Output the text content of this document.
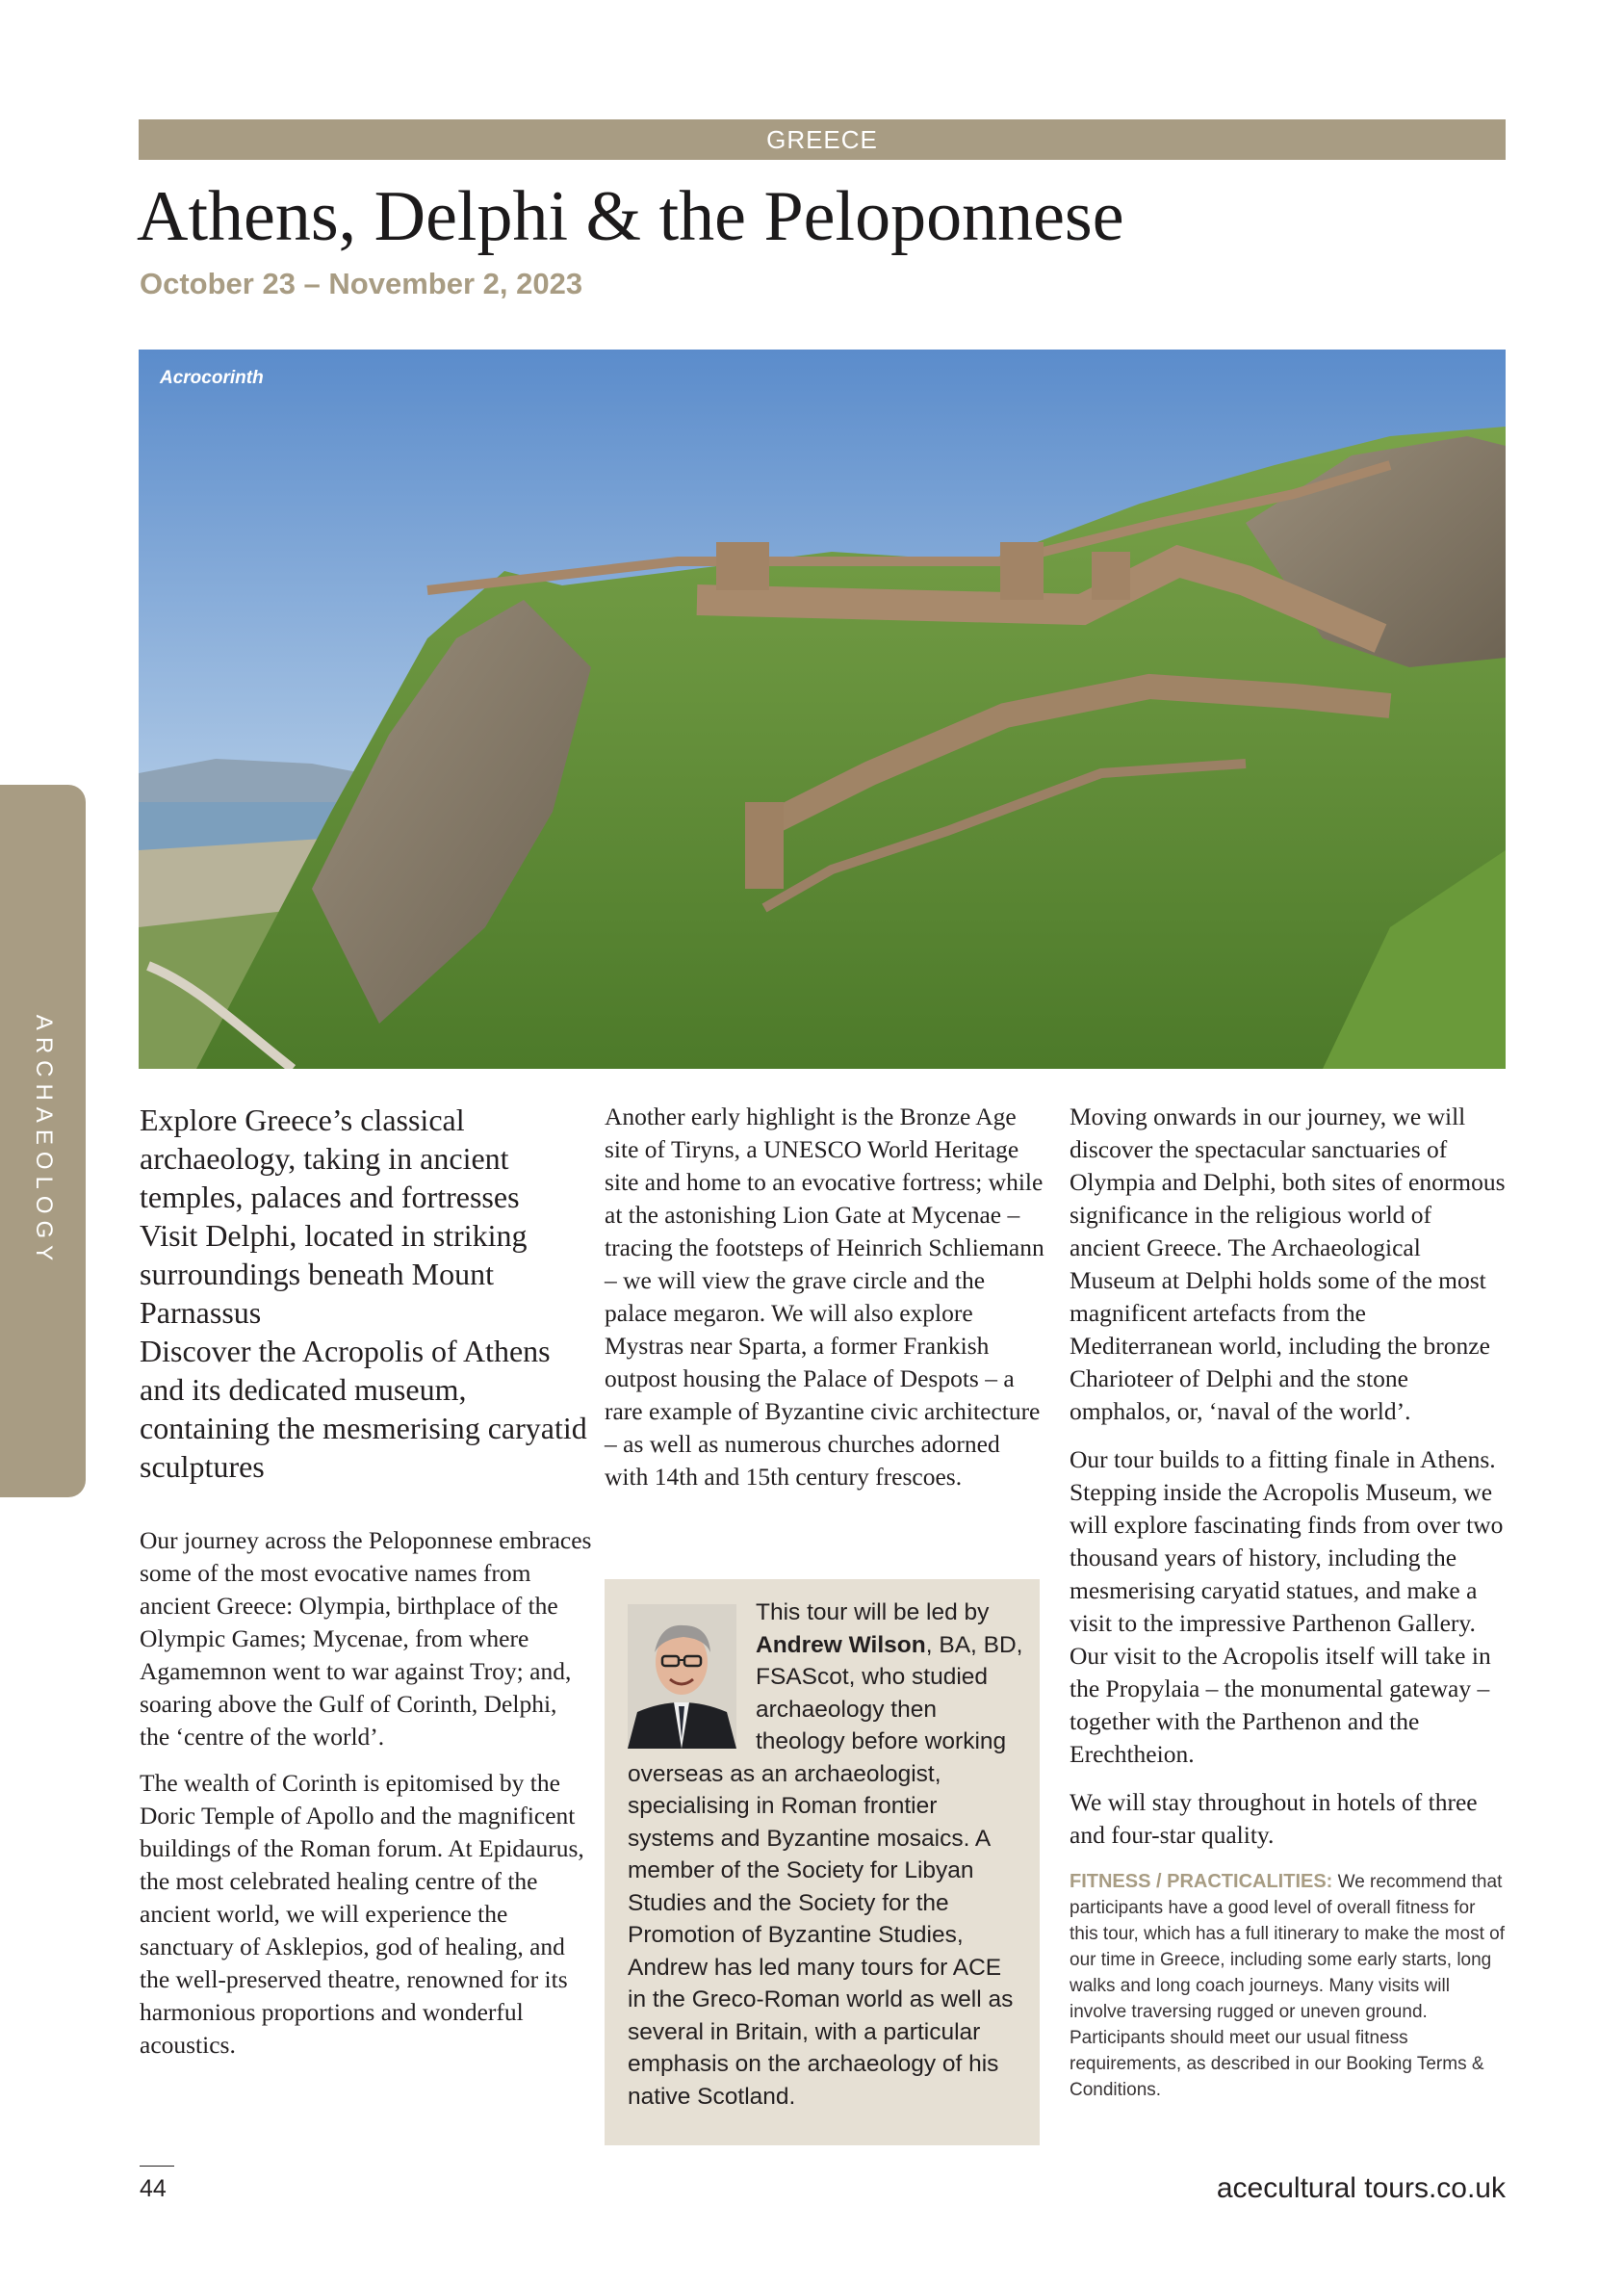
GREECE
Athens, Delphi & the Peloponnese
October 23 – November 2, 2023
Acrocorinth
ARCHAEOLOGY	Explore Greece’s classical archaeology, taking in ancient temples, palaces and fortresses

Visit Delphi, located in striking surroundings beneath Mount Parnassus

Discover the Acropolis of Athens and its dedicated museum, containing the mesmerising caryatid sculptures

Our journey across the Peloponnese embraces some of the most evocative names from ancient Greece: Olympia, birthplace of the Olympic Games; Mycenae, from where Agamemnon went to war against Troy; and, soaring above the Gulf of Corinth, Delphi, the ‘centre of the world’.

The wealth of Corinth is epitomised by the Doric Temple of Apollo and the magnificent buildings of the Roman forum. At Epidaurus, the most celebrated healing centre of the ancient world, we will experience the sanctuary of Asklepios, god of healing, and the well-preserved theatre, renowned for its harmonious proportions and wonderful acoustics.

Another early highlight is the Bronze Age site of Tiryns, a UNESCO World Heritage site and home to an evocative fortress; while at the astonishing Lion Gate at Mycenae – tracing the footsteps of Heinrich Schliemann – we will view the grave circle and the palace megaron. We will also explore Mystras near Sparta, a former Frankish outpost housing the Palace of Despots – a rare example of Byzantine civic architecture – as well as numerous churches adorned with 14th and 15th century frescoes.

This tour will be led by Andrew Wilson, BA, BD, FSAScot, who studied archaeology then theology before working overseas as an archaeologist, specialising in Roman frontier systems and Byzantine mosaics. A member of the Society for Libyan Studies and the Society for the Promotion of Byzantine Studies, Andrew has led many tours for ACE in the Greco-Roman world as well as several in Britain, with a particular emphasis on the archaeology of his native Scotland.

Moving onwards in our journey, we will discover the spectacular sanctuaries of Olympia and Delphi, both sites of enormous significance in the religious world of ancient Greece. The Archaeological Museum at Delphi holds some of the most magnificent artefacts from the Mediterranean world, including the bronze Charioteer of Delphi and the stone omphalos, or, ‘naval of the world’.

Our tour builds to a fitting finale in Athens. Stepping inside the Acropolis Museum, we will explore fascinating finds from over two thousand years of history, including the mesmerising caryatid statues, and make a visit to the impressive Parthenon Gallery. Our visit to the Acropolis itself will take in the Propylaia – the monumental gateway – together with the Parthenon and the Erechtheion.

We will stay throughout in hotels of three and four-star quality.

FITNESS / PRACTICALITIES: We recommend that participants have a good level of overall fitness for this tour, which has a full itinerary to make the most of our time in Greece, including some early starts, long walks and long coach journeys. Many visits will involve traversing rugged or uneven ground. Participants should meet our usual fitness requirements, as described in our Booking Terms & Conditions.
44	acecultural tours.co.uk
